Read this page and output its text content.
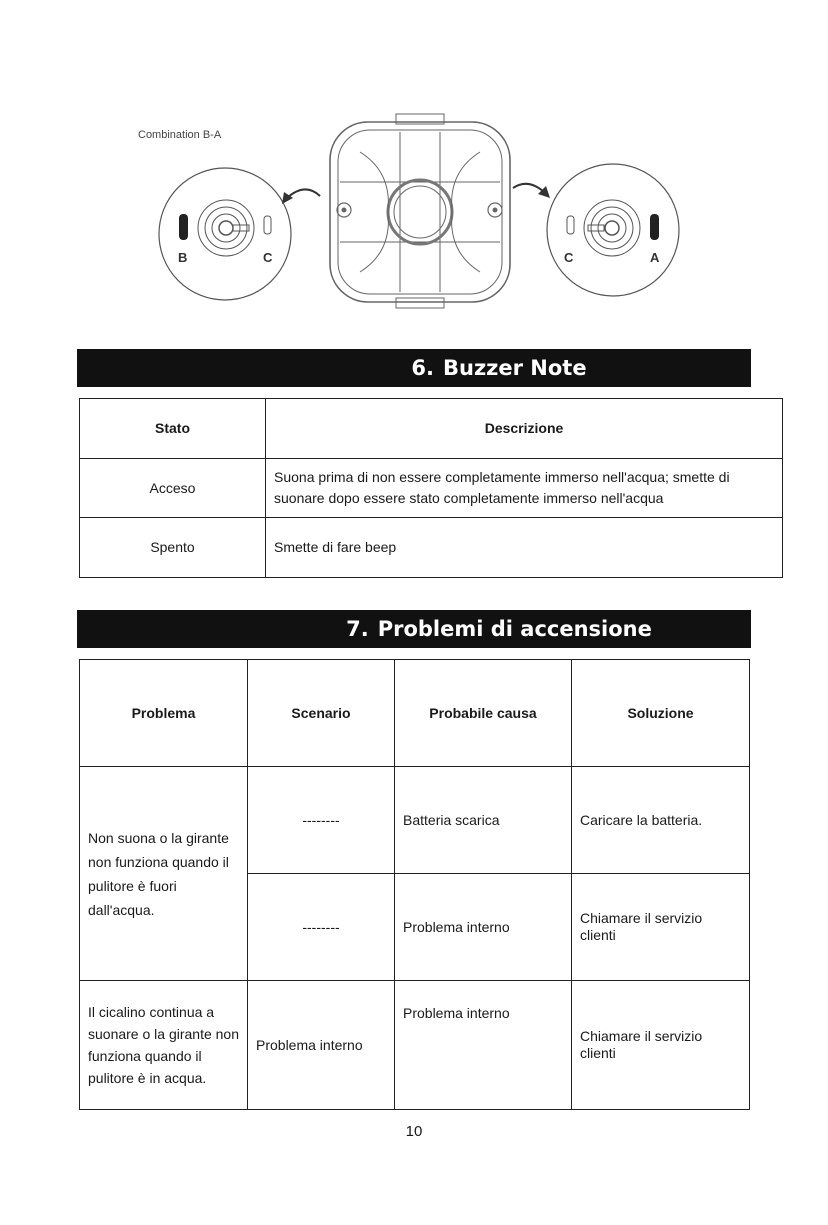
Combination B-A
B	C	C	A
6. Buzzer Note
Stato	Descrizione
Acceso	Suona prima di non essere completamente immerso nell'acqua; smette di suonare dopo essere stato completamente immerso nell'acqua
Spento	Smette di fare beep
7. Problemi di accensione
Problema	Scenario	Probabile causa	Soluzione
Non suona o la girante non funziona quando il pulitore è fuori dall'acqua.	--------	Batteria scarica	Caricare la batteria.
	--------	Problema interno	Chiamare il servizio clienti
Il cicalino continua a suonare o la girante non funziona quando il pulitore è in acqua.	Problema interno	Problema interno	Chiamare il servizio clienti
10
